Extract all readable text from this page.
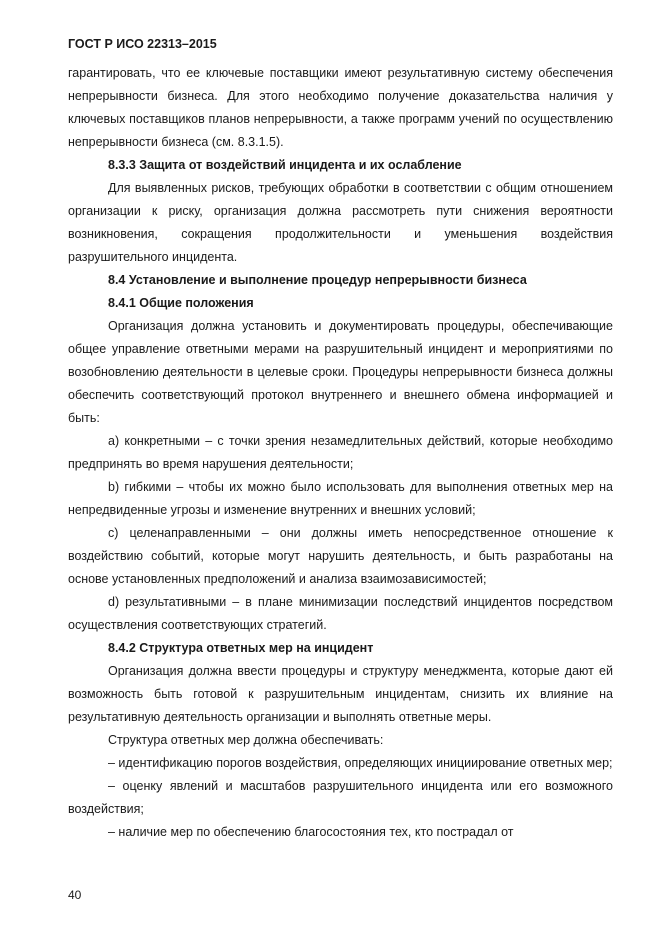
ГОСТ Р ИСО 22313–2015

гарантировать, что ее ключевые поставщики имеют результативную систему обеспечения непрерывности бизнеса. Для этого необходимо получение доказательства наличия у ключевых поставщиков планов непрерывности, а также программ учений по осуществлению непрерывности бизнеса (см. 8.3.1.5).

8.3.3 Защита от воздействий инцидента и их ослабление

Для выявленных рисков, требующих обработки в соответствии с общим отношением организации к риску, организация должна рассмотреть пути снижения вероятности возникновения, сокращения продолжительности и уменьшения воздействия разрушительного инцидента.

8.4 Установление и выполнение процедур непрерывности бизнеса

8.4.1 Общие положения

Организация должна установить и документировать процедуры, обеспечивающие общее управление ответными мерами на разрушительный инцидент и мероприятиями по возобновлению деятельности в целевые сроки. Процедуры непрерывности бизнеса должны обеспечить соответствующий протокол внутреннего и внешнего обмена информацией и быть:

a) конкретными – с точки зрения незамедлительных действий, которые необходимо предпринять во время нарушения деятельности;

b) гибкими – чтобы их можно было использовать для выполнения ответных мер на непредвиденные угрозы и изменение внутренних и внешних условий;

c) целенаправленными – они должны иметь непосредственное отношение к воздействию событий, которые могут нарушить деятельность, и быть разработаны на основе установленных предположений и анализа взаимозависимостей;

d) результативными – в плане минимизации последствий инцидентов посредством осуществления соответствующих стратегий.

8.4.2 Структура ответных мер на инцидент

Организация должна ввести процедуры и структуру менеджмента, которые дают ей возможность быть готовой к разрушительным инцидентам, снизить их влияние на результативную деятельность организации и выполнять ответные меры.

Структура ответных мер должна обеспечивать:

– идентификацию порогов воздействия, определяющих инициирование ответных мер;

– оценку явлений и масштабов разрушительного инцидента или его возможного воздействия;

– наличие мер по обеспечению благосостояния тех, кто пострадал от

40
